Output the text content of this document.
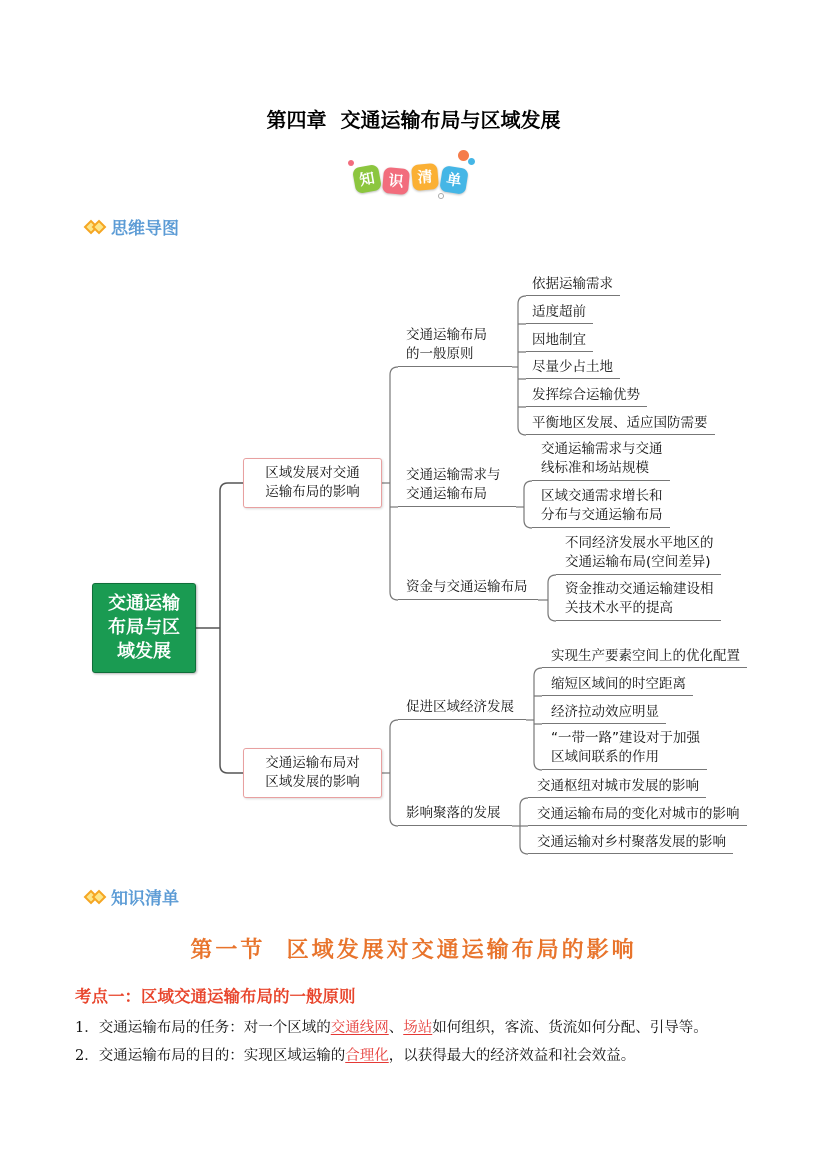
第四章  交通运输布局与区域发展
知 识 清 单
思维导图
交通运输
布局与区
域发展
区域发展对交通
运输布局的影响
交通运输布局对
区域发展的影响
交通运输布局
的一般原则
交通运输需求与
交通运输布局
资金与交通运输布局
促进区域经济发展
影响聚落的发展
依据运输需求
适度超前
因地制宜
尽量少占土地
发挥综合运输优势
平衡地区发展、适应国防需要
交通运输需求与交通
线标准和场站规模
区域交通需求增长和
分布与交通运输布局
不同经济发展水平地区的
交通运输布局(空间差异)
资金推动交通运输建设相
关技术水平的提高
实现生产要素空间上的优化配置
缩短区域间的时空距离
经济拉动效应明显
“一带一路”建设对于加强
区域间联系的作用
交通枢纽对城市发展的影响
交通运输布局的变化对城市的影响
交通运输对乡村聚落发展的影响
知识清单
第一节  区域发展对交通运输布局的影响
考点一：区域交通运输布局的一般原则
1．交通运输布局的任务：对一个区域的交通线网、场站如何组织，客流、货流如何分配、引导等。
2．交通运输布局的目的：实现区域运输的合理化，以获得最大的经济效益和社会效益。
